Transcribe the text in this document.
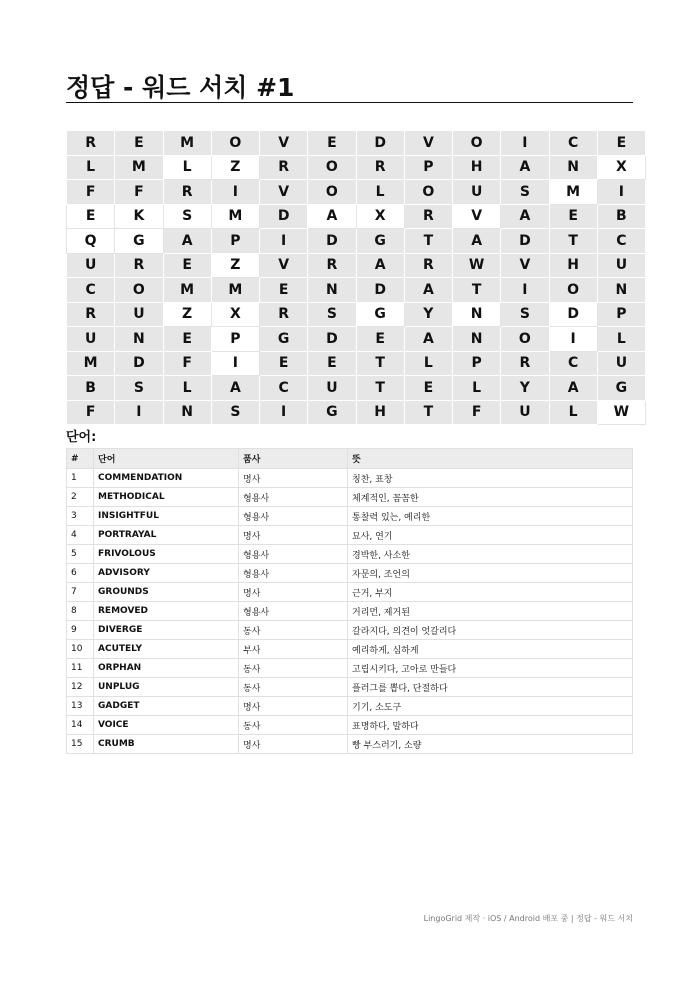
정답 - 워드 서치 #1
R	E	M	O	V	E	D	V	O	I	C	E
L	M	L	Z	R	O	R	P	H	A	N	X
F	F	R	I	V	O	L	O	U	S	M	I
E	K	S	M	D	A	X	R	V	A	E	B
Q	G	A	P	I	D	G	T	A	D	T	C
U	R	E	Z	V	R	A	R	W	V	H	U
C	O	M	M	E	N	D	A	T	I	O	N
R	U	Z	X	R	S	G	Y	N	S	D	P
U	N	E	P	G	D	E	A	N	O	I	L
M	D	F	I	E	E	T	L	P	R	C	U
B	S	L	A	C	U	T	E	L	Y	A	G
F	I	N	S	I	G	H	T	F	U	L	W
단어:
#	단어	품사	뜻
1	COMMENDATION	명사	칭찬, 표창
2	METHODICAL	형용사	체계적인, 꼼꼼한
3	INSIGHTFUL	형용사	통찰력 있는, 예리한
4	PORTRAYAL	명사	묘사, 연기
5	FRIVOLOUS	형용사	경박한, 사소한
6	ADVISORY	형용사	자문의, 조언의
7	GROUNDS	명사	근거, 부지
8	REMOVED	형용사	거리먼, 제거된
9	DIVERGE	동사	갈라지다, 의견이 엇갈리다
10	ACUTELY	부사	예리하게, 심하게
11	ORPHAN	동사	고립시키다, 고아로 만들다
12	UNPLUG	동사	플러그를 뽑다, 단절하다
13	GADGET	명사	기기, 소도구
14	VOICE	동사	표명하다, 말하다
15	CRUMB	명사	빵 부스러기, 소량
LingoGrid 제작 · iOS / Android 배포 중 | 정답 - 워드 서치
